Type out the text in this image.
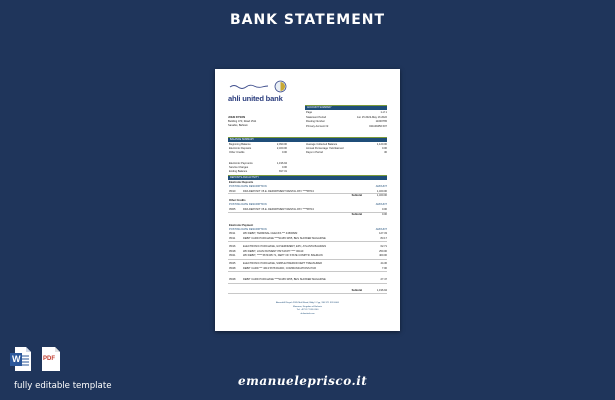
BANK STATEMENT
ahli united bank
ACCOUNT SUMMARY
JOHN DYSON
Building 473, Road 1511
Sanabis, Bahrain
Page	1 of 1
Statement Period	Jun 15 2022-May 16 2022
Routing Number	11000765
Primary Account Nr.	021109456 607
BALANCE SUMMARY
Beginning Balance	2,090.00
Electronic Deposits	2,320.00
Other Credits	0.00
Average Collected Balance	1,120.00
Annual Percentage Yield Earned	0.00
Days in Period	30
Electronic Payments	1,196.94
Service Charges	0.00
Ending Balance	817.31
DEPOSITS AND ACTIVITY
Electronic Deposits
POSTING DATE DESCRIPTION	AMOUNT
05/10	DDA DEPOSIT / B.E. DEPARTMENT RENTAL PAY ****58713	1,320.00
Subtotal	1,320.00
Other Credits
POSTING DATE DESCRIPTION	AMOUNT
05/05	DDA DEPOSIT / B.E. DEPARTMENT RENTAL PAY ****58713	0.00
Subtotal	0.00
Electronic Payment
POSTING DATE DESCRIPTION	AMOUNT
05/11	WD DEBIT, TERMINAL CHECKS *** 44500682	127.33
05/11	DEBIT CARD PURCHASE ****94165 3355, BHS SHOWER MAGAZINE	83.17
05/16	ELECTRONIC PURCHASE, GOVERNMENT, EPC, ATLANTA BAHRAIN	62.71
05/18	WD DEBIT, LOAN PAYMENT PMT-RCPT **** 00410	250.00
05/21	WD DEBIT, ***** 5674305 71, DEPT OF STATE COMPTR. BAHRAIN	400.00
05/25	ELECTRONIC PURCHASE, SIMPLE PREPAID DEPT TREASURER	44.36
05/28	DEBIT CARD *** 4613 5678 RADIO, COMMUNICATIONS PUR	7.00
05/28	DEBIT CARD PURCHASE ****94165 3355, BHS SHOWER MAGAZINE	27.47
Subtotal	1,196.94
Ahmed Al Dayeh 2305 Mall Road, Bldg.1 Cyp, 330 971 333 4000
Manama, Kingdom of Bahrain
Tel: +973 17 533 6100
ahliunited.com
W	PDF
fully editable template	emanueleprisco.it
